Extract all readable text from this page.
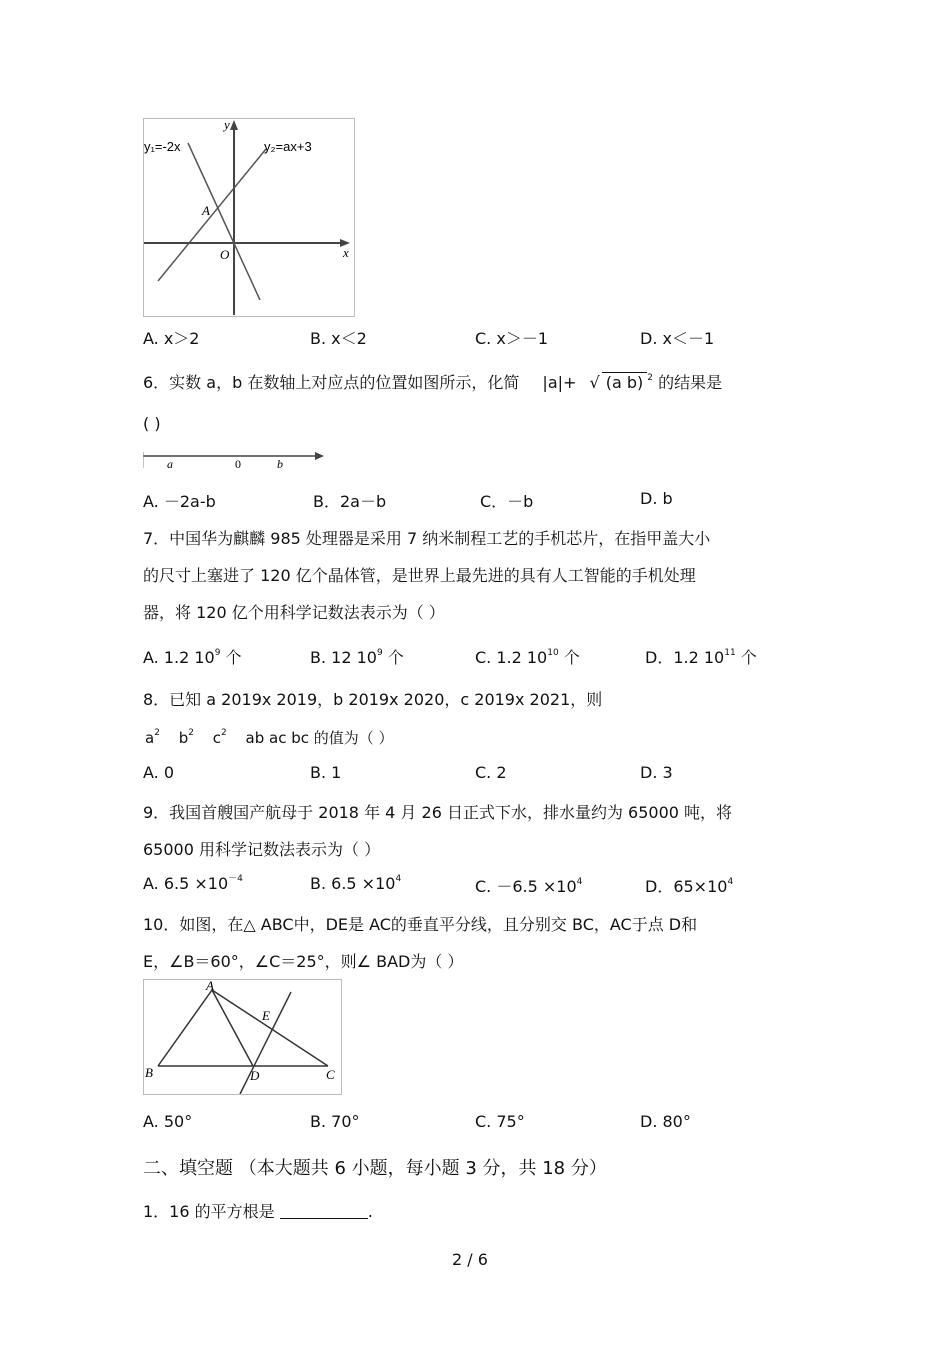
y₁=-2x	y₂=ax+3
A
O	x
y
A. x＞2	B. x＜2	C. x＞－1	D. x＜－1
6．实数 a，b 在数轴上对应点的位置如图所示，化简 |a|+ √ (a b) $^2$ 的结果是
( )
a	0	b
A. －2a-b	B．2a－b	C．－b	D. b
7．中国华为麒麟 985 处理器是采用 7 纳米制程工艺的手机芯片，在指甲盖大小
的尺寸上塞进了 120 亿个晶体管，是世界上最先进的具有人工智能的手机处理
器，将 120 亿个用科学记数法表示为（ ）
A. 1.2 $10^9$ 个	B. 12 $10^9$ 个	C. 1.2 $10^{10}$ 个	D．1.2 $10^{11}$ 个
8．已知 a 2019x 2019，b 2019x 2020，c 2019x 2021，则
$a^2$ $b^2$ $c^2$ ab ac bc 的值为（ ）
A. 0	B. 1	C. 2	D. 3
9．我国首艘国产航母于 2018 年 4 月 26 日正式下水，排水量约为 65000 吨，将
65000 用科学记数法表示为（ ）
A. $6.5 \times 10^{-4}$	B. $6.5 \times 10^4$	C. $-6.5 \times 10^4$	D．$65\times 10^4$
10．如图，在△ ABC中，DE是 AC的垂直平分线，且分别交 BC，AC于点 D和
E，∠B＝60°，∠C＝25°，则∠ BAD为（ ）
A
B	C
D
E
A. 50°	B. 70°	C. 75°	D. 80°
二、填空题 （本大题共 6 小题，每小题 3 分，共 18 分）
1．16 的平方根是	.
2 / 6
